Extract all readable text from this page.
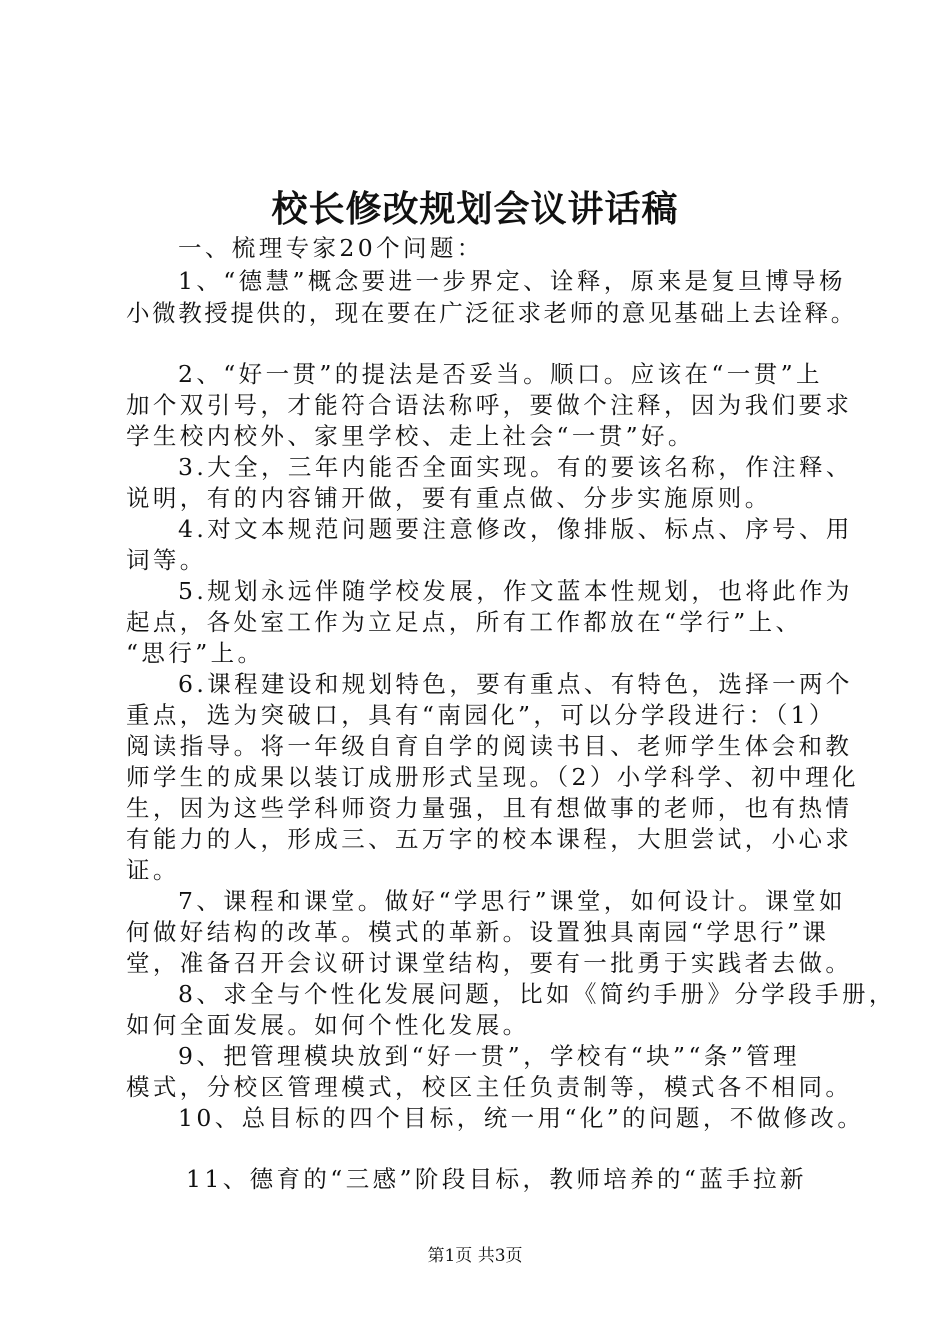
校长修改规划会议讲话稿

一、梳理专家20个问题：

1、“德慧”概念要进一步界定、诠释，原来是复旦博导杨

小微教授提供的，现在要在广泛征求老师的意见基础上去诠释。

2、“好一贯”的提法是否妥当。顺口。应该在“一贯”上

加个双引号，才能符合语法称呼，要做个注释，因为我们要求

学生校内校外、家里学校、走上社会“一贯”好。

3.大全，三年内能否全面实现。有的要该名称，作注释、

说明，有的内容铺开做，要有重点做、分步实施原则。

4.对文本规范问题要注意修改，像排版、标点、序号、用

词等。

5.规划永远伴随学校发展，作文蓝本性规划，也将此作为

起点，各处室工作为立足点，所有工作都放在“学行”上、

“思行”上。

6.课程建设和规划特色，要有重点、有特色，选择一两个

重点，选为突破口，具有“南园化”，可以分学段进行：（1）

阅读指导。将一年级自育自学的阅读书目、老师学生体会和教

师学生的成果以装订成册形式呈现。（2）小学科学、初中理化

生，因为这些学科师资力量强，且有想做事的老师，也有热情

有能力的人，形成三、五万字的校本课程，大胆尝试，小心求

证。

7、课程和课堂。做好“学思行”课堂，如何设计。课堂如

何做好结构的改革。模式的革新。设置独具南园“学思行”课

堂，准备召开会议研讨课堂结构，要有一批勇于实践者去做。

8、求全与个性化发展问题，比如《简约手册》分学段手册，

如何全面发展。如何个性化发展。

9、把管理模块放到“好一贯”，学校有“块”“条”管理

模式，分校区管理模式，校区主任负责制等，模式各不相同。

10、总目标的四个目标，统一用“化”的问题，不做修改。

11、德育的“三感”阶段目标，教师培养的“蓝手拉新

第1页 共3页
